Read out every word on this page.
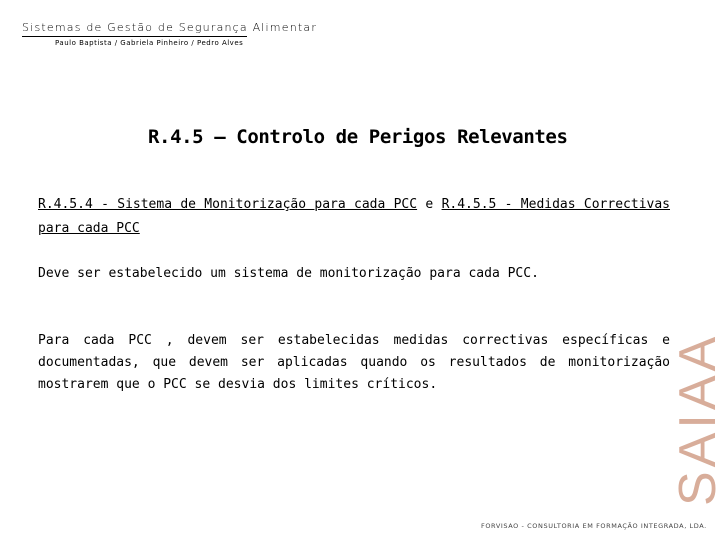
Sistemas de Gestão de Segurança Alimentar
Paulo Baptista / Gabriela Pinheiro / Pedro Alves
R.4.5 – Controlo de Perigos Relevantes
R.4.5.4 - Sistema de Monitorização para cada PCC e R.4.5.5 - Medidas Correctivas para cada PCC
Deve ser estabelecido um sistema de monitorização para cada PCC.
Para cada PCC , devem ser estabelecidas medidas correctivas específicas e documentadas, que devem ser aplicadas quando os resultados de monitorização mostrarem que o PCC se desvia dos limites críticos.	SAIAA
FORVISAO - CONSULTORIA EM FORMAÇÃO INTEGRADA, LDA.
